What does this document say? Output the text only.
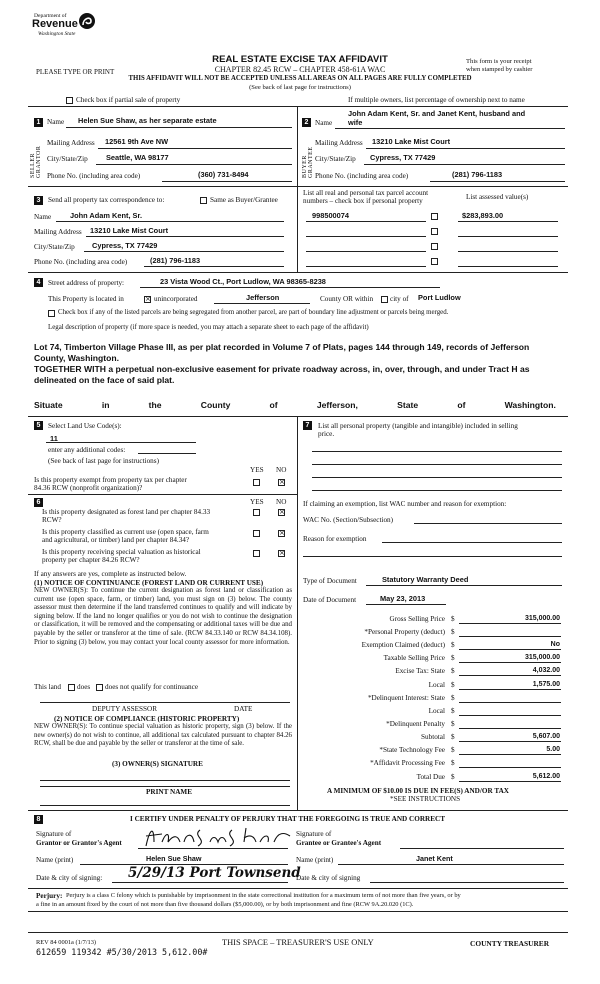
Department of
Revenue
Washington State
REAL ESTATE EXCISE TAX AFFIDAVIT
CHAPTER 82.45 RCW – CHAPTER 458-61A WAC
THIS AFFIDAVIT WILL NOT BE ACCEPTED UNLESS ALL AREAS ON ALL PAGES ARE FULLY COMPLETED
(See back of last page for instructions)
PLEASE TYPE OR PRINT
This form is your receipt
when stamped by cashier
Check box if partial sale of property	If multiple owners, list percentage of ownership next to name
1
SELLER GRANTOR
Name Helen Sue Shaw, as her separate estate
Mailing Address 12561 9th Ave NW
City/State/Zip Seattle, WA 98177
Phone No. (including area code)	(360) 731-8494
2
BUYER GRANTEE
John Adam Kent, Sr. and Janet Kent, husband and
Name wife
Mailing Address 13210 Lake Mist Court
City/State/Zip Cypress, TX 77429
Phone No. (including area code)	(281) 796-1183
3	Send all property tax correspondence to:	Same as Buyer/Grantee
Name	John Adam Kent, Sr.
Mailing Address 13210 Lake Mist Court
City/State/Zip Cypress, TX 77429
Phone No. (including area code)	(281) 796-1183
List all real and personal tax parcel account
numbers – check box if personal property	List assessed value(s)
998500074	$283,893.00
4	Street address of property:	23 Vista Wood Ct., Port Ludlow, WA 98365-8238
This Property is located in	× unincorporated	Jefferson	County OR within city of Port Ludlow
Check box if any of the listed parcels are being segregated from another parcel, are part of boundary line adjustment or parcels being merged.
Legal description of property (if more space is needed, you may attach a separate sheet to each page of the affidavit)
Lot 74, Timberton Village Phase III, as per plat recorded in Volume 7 of Plats, pages 144 through 149, records of Jefferson
County, Washington.
TOGETHER WITH a perpetual non-exclusive easement for private roadway across, in, over, through, and under Tract H as
delineated on the face of said plat.
Situate	in	the	County	of	Jefferson,	State	of	Washington.
5	Select Land Use Code(s):
11
enter any additional codes:
(See back of last page for instructions)
YES NO
Is this property exempt from property tax per chapter
84.36 RCW (nonprofit organization)?
×
6	YES NO
Is this property designated as forest land per chapter 84.33
RCW?
×
Is this property classified as current use (open space, farm
and agricultural, or timber) land per chapter 84.34?
×
Is this property receiving special valuation as historical
property per chapter 84.26 RCW?
×
If any answers are yes, complete as instructed below.
(1) NOTICE OF CONTINUANCE (FOREST LAND OR CURRENT USE)
NEW OWNER(S): To continue the current designation as forest land or classification as current use (open space, farm, or timber) land, you must sign on (3) below. The county assessor must then determine if the land transferred continues to qualify and will indicate by signing below. If the land no longer qualifies or you do not wish to continue the designation or classification, it will be removed and the compensating or additional taxes will be due and payable by the seller or transferor at the time of sale. (RCW 84.33.140 or RCW 84.34.108). Prior to signing (3) below, you may contact your local county assessor for more information.
This land does does not qualify for continuance
DEPUTY ASSESSOR	DATE
(2) NOTICE OF COMPLIANCE (HISTORIC PROPERTY)
NEW OWNER(S): To continue special valuation as historic property, sign (3) below. If the new owner(s) do not wish to continue, all additional tax calculated pursuant to chapter 84.26 RCW, shall be due and payable by the seller or transferor at the time of sale.
(3) OWNER(S) SIGNATURE
PRINT NAME
7	List all personal property (tangible and intangible) included in selling
price.
If claiming an exemption, list WAC number and reason for exemption:
WAC No. (Section/Subsection)
Reason for exemption
Type of Document	Statutory Warranty Deed
Date of Document	May 23, 2013
Gross Selling Price $	315,000.00
*Personal Property (deduct) $
Exemption Claimed (deduct) $	No
Taxable Selling Price $	315,000.00
Excise Tax: State $	4,032.00
Local $	1,575.00
*Delinquent Interest: State $
Local $
*Delinquent Penalty $
Subtotal $	5,607.00
*State Technology Fee $	5.00
*Affidavit Processing Fee $
Total Due $	5,612.00
A MINIMUM OF $10.00 IS DUE IN FEE(S) AND/OR TAX
*SEE INSTRUCTIONS
8	I CERTIFY UNDER PENALTY OF PERJURY THAT THE FOREGOING IS TRUE AND CORRECT
Signature of
Grantor or Grantor's Agent
Signature of
Grantee or Grantee's Agent
Name (print)	Helen Sue Shaw	Name (print)	Janet Kent
Date & city of signing: 5/29/13 Port Townsend
Date & city of signing
Perjury: Perjury is a class C felony which is punishable by imprisonment in the state correctional institution for a maximum term of not more than five years, or by
a fine in an amount fixed by the court of not more than five thousand dollars ($5,000.00), or by both imprisonment and fine (RCW 9A.20.020 (1C).
REV 84 0001a (1/7/13)
612659 119342 #5/30/2013 5,612.00#
THIS SPACE – TREASURER'S USE ONLY	COUNTY TREASURER
